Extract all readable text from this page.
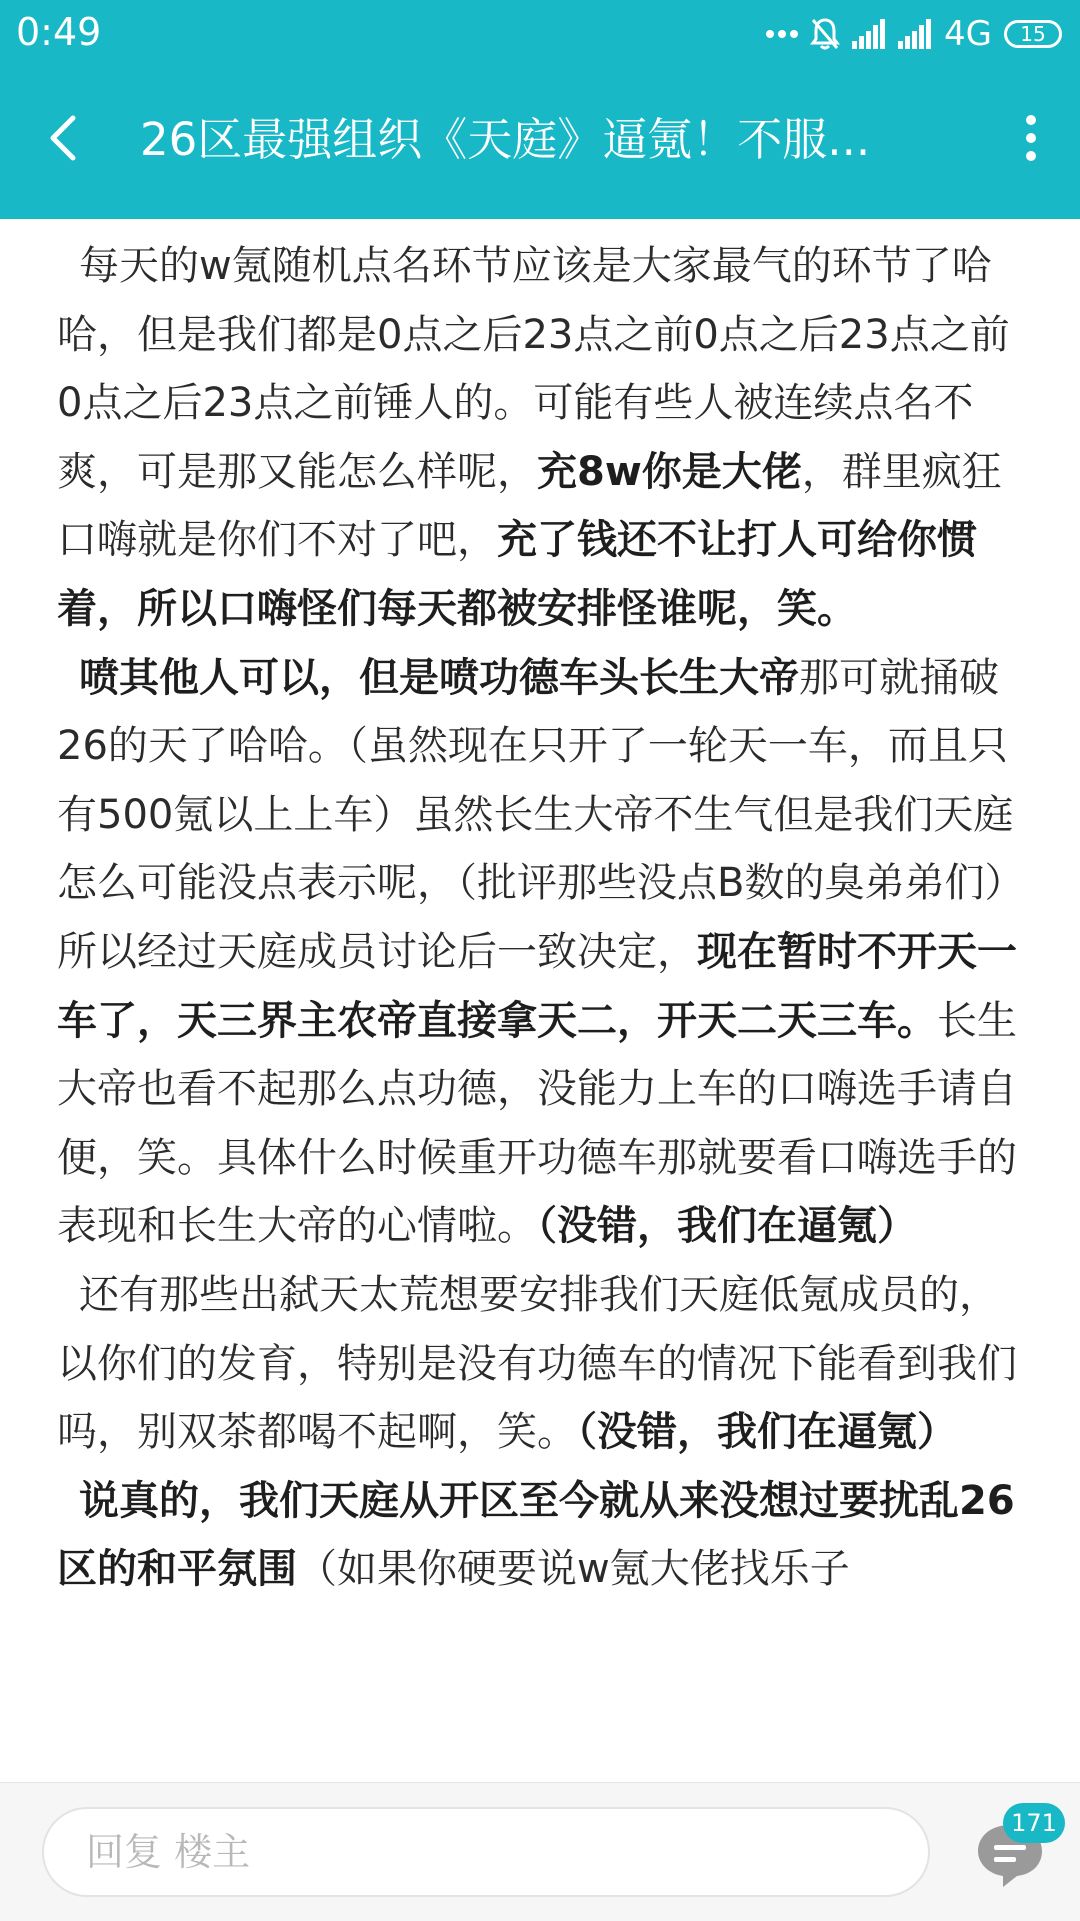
0:49	4G 15
26区最强组织《天庭》逼氪！不服...

每天的w氪随机点名环节应该是大家最气的环节了哈哈，但是我们都是0点之后23点之前0点之后23点之前0点之后23点之前锤人的。可能有些人被连续点名不爽，可是那又能怎么样呢，充8w你是大佬，群里疯狂口嗨就是你们不对了吧，充了钱还不让打人可给你惯着，所以口嗨怪们每天都被安排怪谁呢，笑。

喷其他人可以，但是喷功德车头长生大帝那可就捅破26的天了哈哈。（虽然现在只开了一轮天一车，而且只有500氪以上上车）虽然长生大帝不生气但是我们天庭怎么可能没点表示呢，（批评那些没点B数的臭弟弟们）所以经过天庭成员讨论后一致决定，现在暂时不开天一车了，天三界主农帝直接拿天二，开天二天三车。长生大帝也看不起那么点功德，没能力上车的口嗨选手请自便，笑。具体什么时候重开功德车那就要看口嗨选手的表现和长生大帝的心情啦。（没错，我们在逼氪）

还有那些出弑天太荒想要安排我们天庭低氪成员的，以你们的发育，特别是没有功德车的情况下能看到我们吗，别双茶都喝不起啊，笑。（没错，我们在逼氪）

说真的，我们天庭从开区至今就从来没想过要扰乱26区的和平氛围（如果你硬要说w氪大佬找乐子

回复 楼主
171
